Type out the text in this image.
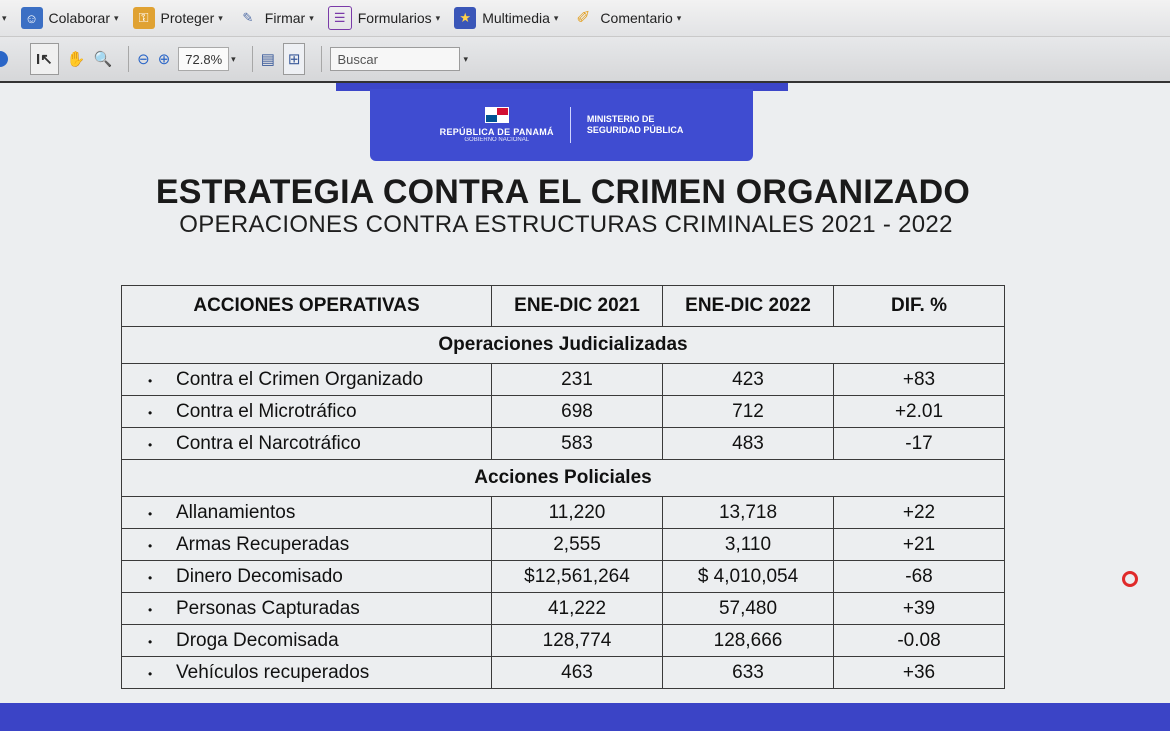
▾	☺ Colaborar ▾	⚿ Proteger ▾	✎ Firmar ▾	☰ Formularios ▾	★ Multimedia ▾ ✐ Comentario ▾
I↖ ✋ 🔍 ⊖ ⊕	72.8%	▾ ▤ ⊞	Buscar	▾
REPÚBLICA DE PANAMÁ
GOBIERNO NACIONAL
MINISTERIO DE
SEGURIDAD PÚBLICA
ESTRATEGIA CONTRA EL CRIMEN ORGANIZADO
OPERACIONES CONTRA ESTRUCTURAS CRIMINALES 2021 - 2022
ACCIONES OPERATIVAS	ENE-DIC 2021	ENE-DIC 2022	DIF. %
Operaciones Judicializadas			
• Contra el Crimen Organizado	231	423	+83
• Contra el Microtráfico	698	712	+2.01
• Contra el Narcotráfico	583	483	-17
Acciones Policiales			
• Allanamientos	11,220	13,718	+22
• Armas Recuperadas	2,555	3,110	+21
• Dinero Decomisado	$12,561,264	$ 4,010,054	-68
• Personas Capturadas	41,222	57,480	+39
• Droga Decomisada	128,774	128,666	-0.08
• Vehículos recuperados	463	633	+36
